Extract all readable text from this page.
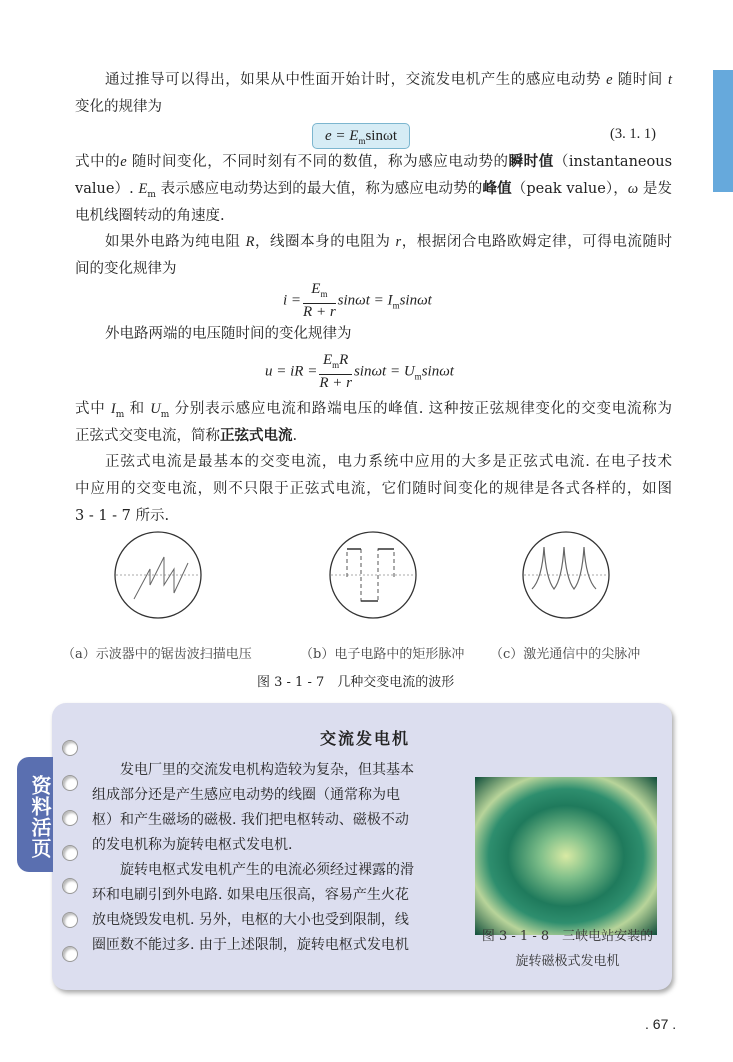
通过推导可以得出，如果从中性面开始计时，交流发电机产生的感应电动势 e 随时间 t
变化的规律为
$e = E_m\sin\omega t$	(3. 1. 1)
式中的e 随时间变化，不同时刻有不同的数值，称为感应电动势的瞬时值（instantaneous
value）. $E_m$ 表示感应电动势达到的最大值，称为感应电动势的峰值（peak value），ω 是发
电机线圈转动的角速度.
如果外电路为纯电阻 R，线圈本身的电阻为 r，根据闭合电路欧姆定律，可得电流随时
间的变化规律为
$i = \frac{E_m}{R + r}$ $\sin\omega t = I_m\sin\omega t$
外电路两端的电压随时间的变化规律为
u = iR = $\frac{E_mR}{R + r}$ $\sin\omega t = U_m\sin\omega t$
式中 $I_m$ 和 $U_m$ 分别表示感应电流和路端电压的峰值. 这种按正弦规律变化的交变电流称为
正弦式交变电流，简称正弦式电流.
正弦式电流是最基本的交变电流，电力系统中应用的大多是正弦式电流. 在电子技术
中应用的交变电流，则不只限于正弦式电流，它们随时间变化的规律是各式各样的，如图
3 - 1 - 7 所示.
（a）示波器中的锯齿波扫描电压	（b）电子电路中的矩形脉冲 （c）激光通信中的尖脉冲
图 3 - 1 - 7　几种交变电流的波形
资料活页
交流发电机
　　发电厂里的交流发电机构造较为复杂，但其基本
组成部分还是产生感应电动势的线圈（通常称为电
枢）和产生磁场的磁极. 我们把电枢转动、磁极不动
的发电机称为旋转电枢式发电机.
　　旋转电枢式发电机产生的电流必须经过裸露的滑
环和电刷引到外电路. 如果电压很高，容易产生火花
图 3 - 1 - 8　三峡电站安装的
旋转磁极式发电机
. 67 .
放电烧毁发电机. 另外，电枢的大小也受到限制，线
圈匝数不能过多. 由于上述限制，旋转电枢式发电机
